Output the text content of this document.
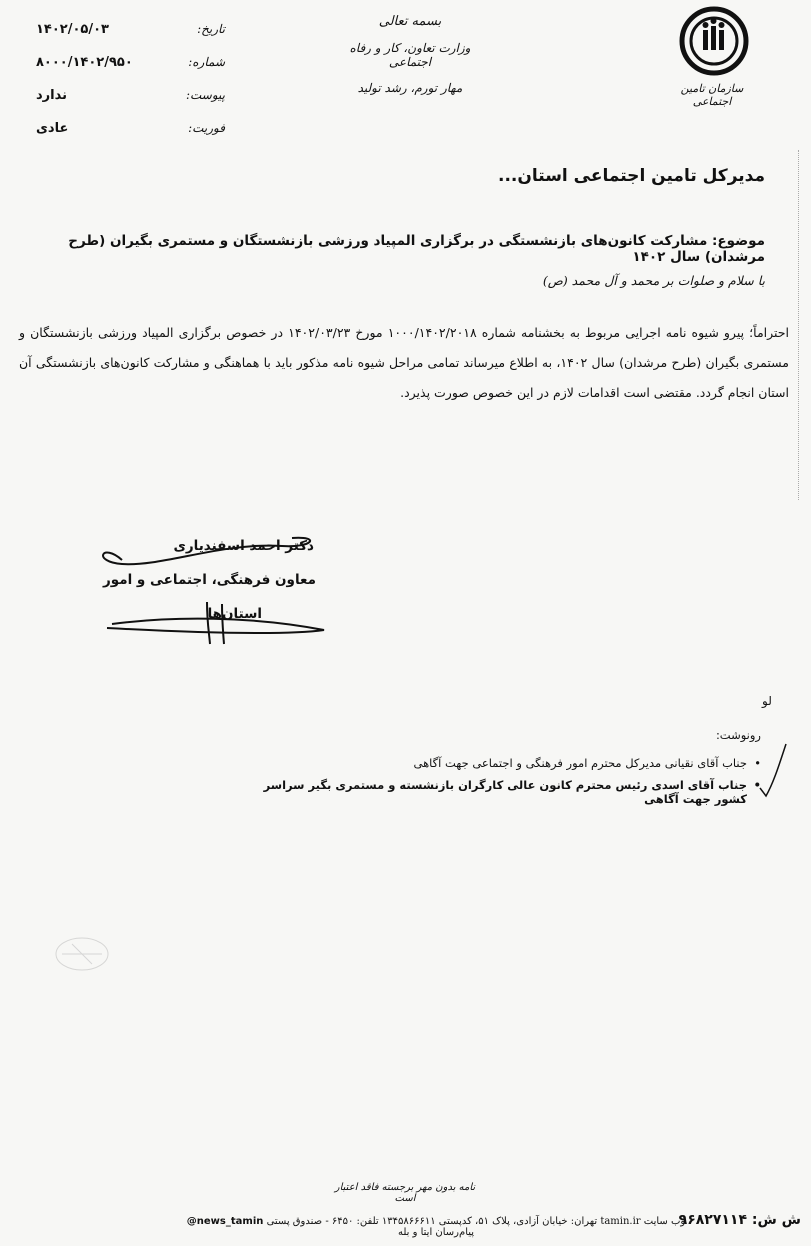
سازمان تامین اجتماعی
بسمه تعالی
وزارت تعاون، کار و رفاه اجتماعی
مهار تورم، رشد تولید
تاریخ:
۱۴۰۲/۰۵/۰۳
شماره:
۸۰۰۰/۱۴۰۲/۹۵۰
پیوست:
ندارد
فوریت:
عادی
مدیرکل تامین اجتماعی استان...
موضوع: مشارکت کانون‌های بازنشستگی در برگزاری المپیاد ورزشی بازنشستگان و مستمری بگیران (طرح مرشدان) سال ۱۴۰۲
با سلام و صلوات بر محمد و آل محمد (ص)
احتراماً؛ پیرو شیوه نامه اجرایی مربوط به بخشنامه شماره ۱۰۰۰/۱۴۰۲/۲۰۱۸ مورخ ۱۴۰۲/۰۳/۲۳ در خصوص برگزاری المپیاد ورزشی بازنشستگان و مستمری بگیران (طرح مرشدان) سال ۱۴۰۲، به اطلاع میرساند تمامی مراحل شیوه نامه مذکور باید با هماهنگی و مشارکت کانون‌های بازنشستگی آن استان انجام گردد. مقتضی است اقدامات لازم در این خصوص صورت پذیرد.
دکتر احمد اسفندیاری
معاون فرهنگی، اجتماعی و امور
استان‌ها
لو
رونوشت:
• جناب آقای نقیانی مدیرکل محترم امور فرهنگی و اجتماعی جهت آگاهی
• جناب آقای اسدی رئیس محترم کانون عالی کارگران بازنشسته و مستمری بگیر سراسر کشور جهت آگاهی
نامه بدون مهر برجسته فاقد اعتبار است
@news_tamin تهران: خیابان آزادی، پلاک ۵۱، کدپستی ۱۳۴۵۸۶۶۶۱۱ تلفن: ۶۴۵۰ - صندوق پستی tamin.ir وب سایت پیام‌رسان ایتا و بله
ش ش: ۹۶۸۲۷۱۱۴
